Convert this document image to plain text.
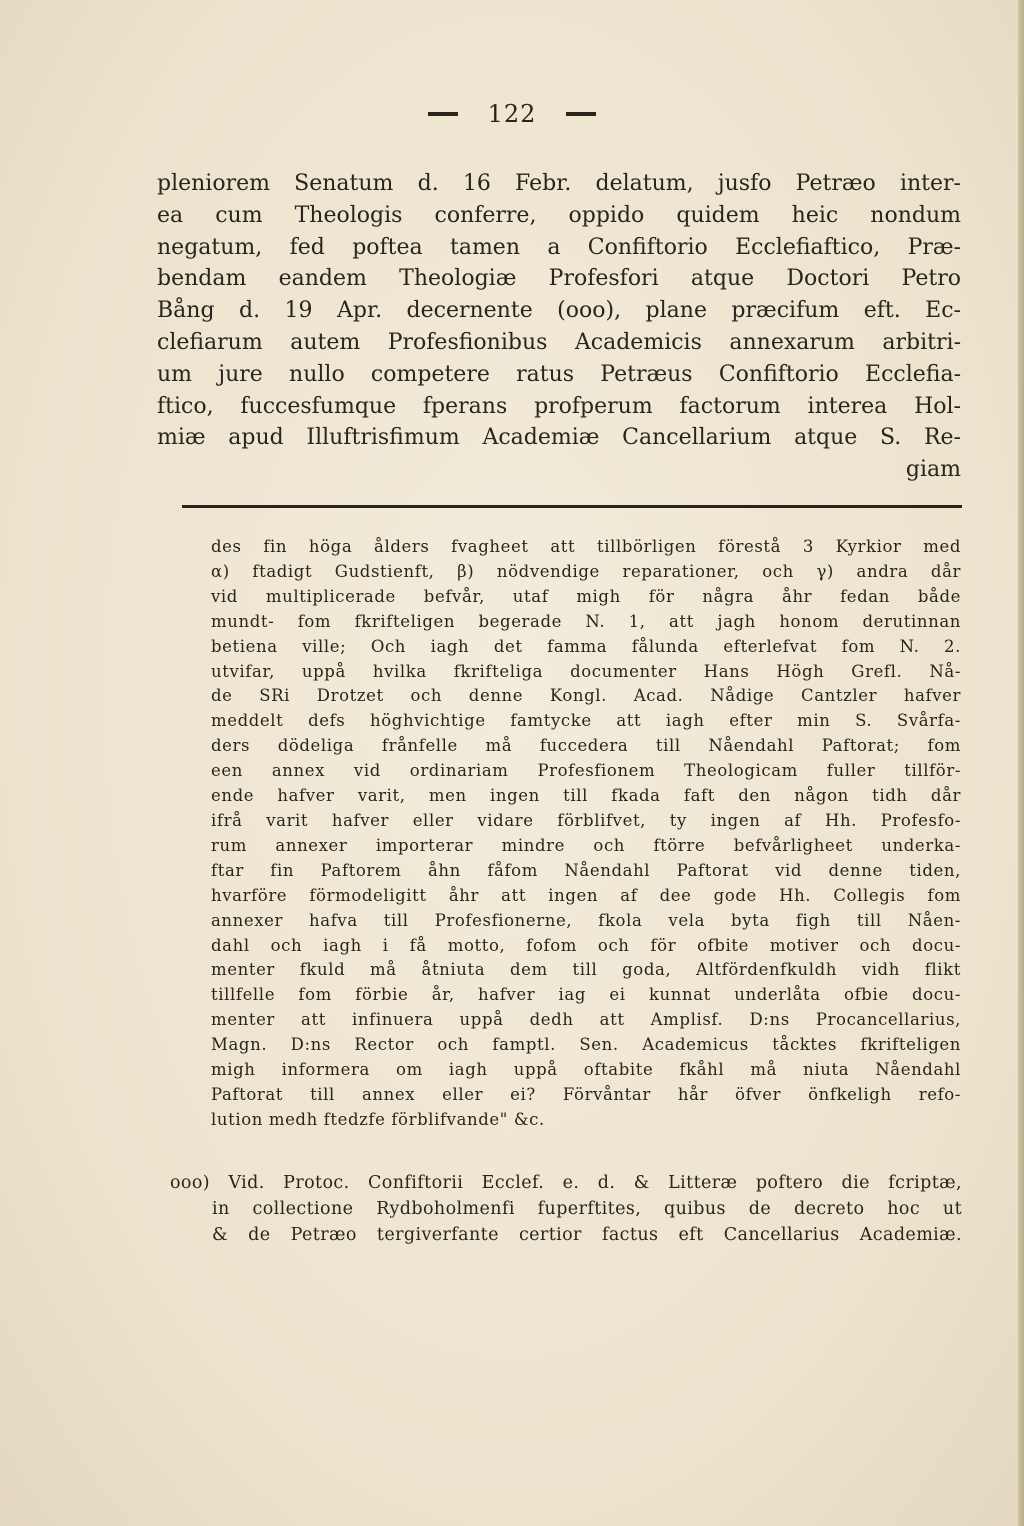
122
pleniorem Senatum d. 16 Febr. delatum, jusfo Petræo inter-
ea cum Theologis conferre, oppido quidem heic nondum
negatum, fed poftea tamen a Confiftorio Ecclefiaftico, Præ-
bendam eandem Theologiæ Profesfori atque Doctori Petro
Bång d. 19 Apr. decernente (ooo), plane præcifum eft. Ec-
clefiarum autem Profesfionibus Academicis annexarum arbitri-
um jure nullo competere ratus Petræus Confiftorio Ecclefia-
ftico, fuccesfumque fperans profperum factorum interea Hol-
miæ apud Illuftrisfimum Academiæ Cancellarium atque S. Re-
giam
des fin höga ålders fvagheet att tillbörligen förestå 3 Kyrkior med
α) ftadigt Gudstienft, β) nödvendige reparationer, och γ) andra dår
vid multiplicerade befvår, utaf migh för några åhr fedan både
mundt- fom fkrifteligen begerade N. 1, att jagh honom derutinnan
betiena ville; Och iagh det famma fålunda efterlefvat fom N. 2.
utvifar, uppå hvilka fkrifteliga documenter Hans Högh Grefl. Nå-
de SRi Drotzet och denne Kongl. Acad. Nådige Cantzler hafver
meddelt defs höghvichtige famtycke att iagh efter min S. Svårfa-
ders dödeliga frånfelle må fuccedera till Nåendahl Paftorat; fom
een annex vid ordinariam Profesfionem Theologicam fuller tillför-
ende hafver varit, men ingen till fkada faft den någon tidh dår
ifrå varit hafver eller vidare förblifvet, ty ingen af Hh. Profesfo-
rum annexer importerar mindre och ftörre befvårligheet underka-
ftar fin Paftorem åhn fåfom Nåendahl Paftorat vid denne tiden,
hvarföre förmodeligitt åhr att ingen af dee gode Hh. Collegis fom
annexer hafva till Profesfionerne, fkola vela byta figh till Nåen-
dahl och iagh i få motto, fofom och för ofbite motiver och docu-
menter fkuld må åtniuta dem till goda, Altfördenfkuldh vidh flikt
tillfelle fom förbie år, hafver iag ei kunnat underlåta ofbie docu-
menter att infinuera uppå dedh att Amplisf. D:ns Procancellarius,
Magn. D:ns Rector och famptl. Sen. Academicus tåcktes fkrifteligen
migh informera om iagh uppå oftabite fkåhl må niuta Nåendahl
Paftorat till annex eller ei? Förvåntar hår öfver önfkeligh refo-
lution medh ftedzfe förblifvande" &c.
ooo) Vid. Protoc. Confiftorii Ecclef. e. d. & Litteræ poftero die fcriptæ,
in collectione Rydboholmenfi fuperftites, quibus de decreto hoc ut
& de Petræo tergiverfante certior factus eft Cancellarius Academiæ.
